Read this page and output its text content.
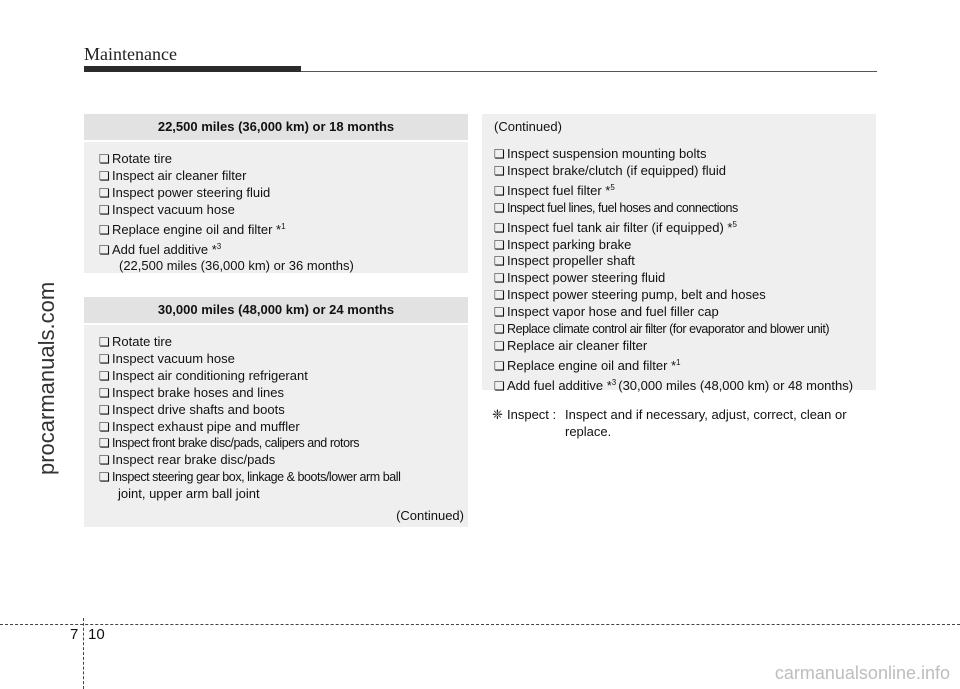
Maintenance
22,500 miles (36,000 km) or 18 months
❏ Rotate tire
❏ Inspect air cleaner filter
❏ Inspect power steering fluid
❏ Inspect vacuum hose
❏ Replace engine oil and filter *$^1$
❏ Add fuel additive *$^3$
(22,500 miles (36,000 km) or 36 months)
30,000 miles (48,000 km) or 24 months
❏ Rotate tire
❏ Inspect vacuum hose
❏ Inspect air conditioning refrigerant
❏ Inspect brake hoses and lines
❏ Inspect drive shafts and boots
❏ Inspect exhaust pipe and muffler
❏ Inspect front brake disc/pads, calipers and rotors
❏ Inspect rear brake disc/pads
❏ Inspect steering gear box, linkage & boots/lower arm ball
joint, upper arm ball joint
(Continued)
(Continued)
❏ Inspect suspension mounting bolts
❏ Inspect brake/clutch (if equipped) fluid
❏ Inspect fuel filter *$^5$
❏ Inspect fuel lines, fuel hoses and connections
❏ Inspect fuel tank air filter (if equipped) *$^5$
❏ Inspect parking brake
❏ Inspect propeller shaft
❏ Inspect power steering fluid
❏ Inspect power steering pump, belt and hoses
❏ Inspect vapor hose and fuel filler cap
❏ Replace climate control air filter (for evaporator and blower unit)
❏ Replace air cleaner filter
❏ Replace engine oil and filter *$^1$
❏ Add fuel additive *$^3$ (30,000 miles (48,000 km) or 48 months)
❈ Inspect : Inspect and if necessary, adjust, correct, clean or
replace.
7 10
procarmanuals.com
carmanualsonline.info
